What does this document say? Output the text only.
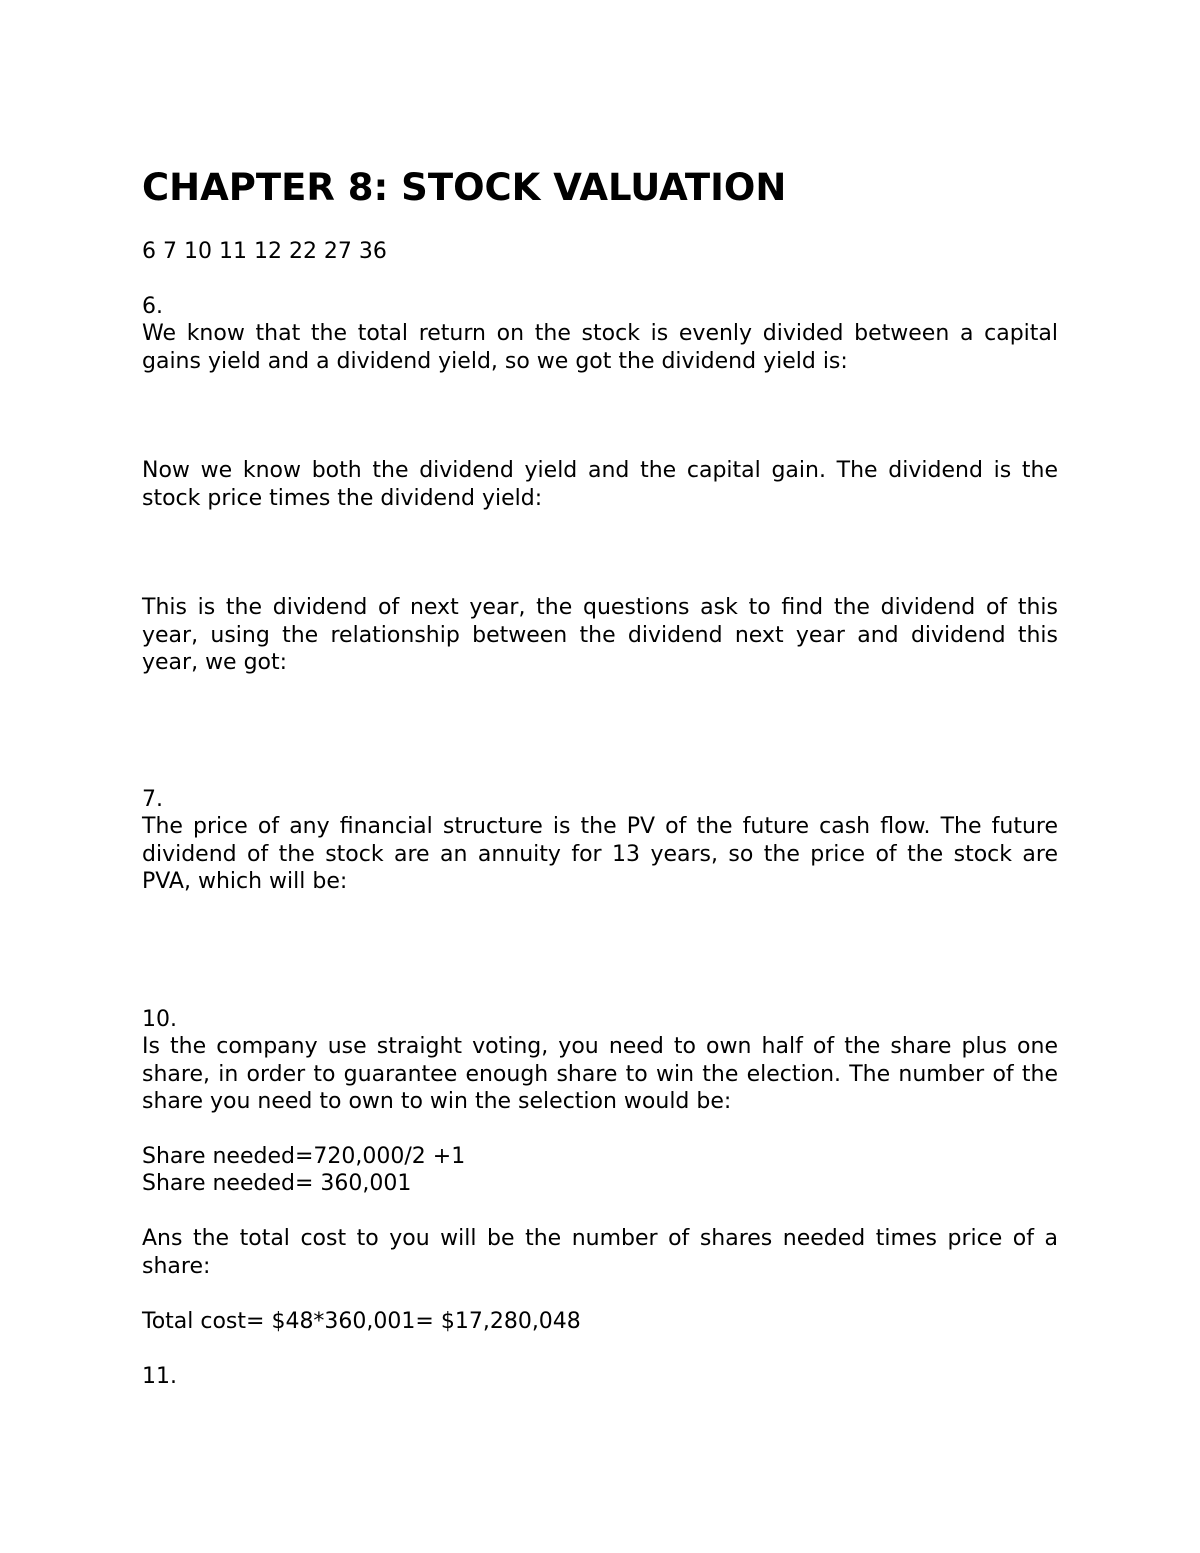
CHAPTER 8: STOCK VALUATION

6 7 10 11 12 22 27 36

6.

We know that the total return on the stock is evenly divided between a capital gains yield and a dividend yield, so we got the dividend yield is:

Now we know both the dividend yield and the capital gain. The dividend is the stock price times the dividend yield:

This is the dividend of next year, the questions ask to find the dividend of this year, using the relationship between the dividend next year and dividend this year, we got:

7.

The price of any financial structure is the PV of the future cash flow. The future dividend of the stock are an annuity for 13 years, so the price of the stock are PVA, which will be:

10.

Is the company use straight voting, you need to own half of the share plus one share, in order to guarantee enough share to win the election. The number of the share you need to own to win the selection would be:

Share needed=720,000/2 +1

Share needed= 360,001

Ans the total cost to you will be the number of shares needed times price of a share:

Total cost= $48*360,001= $17,280,048

11.
